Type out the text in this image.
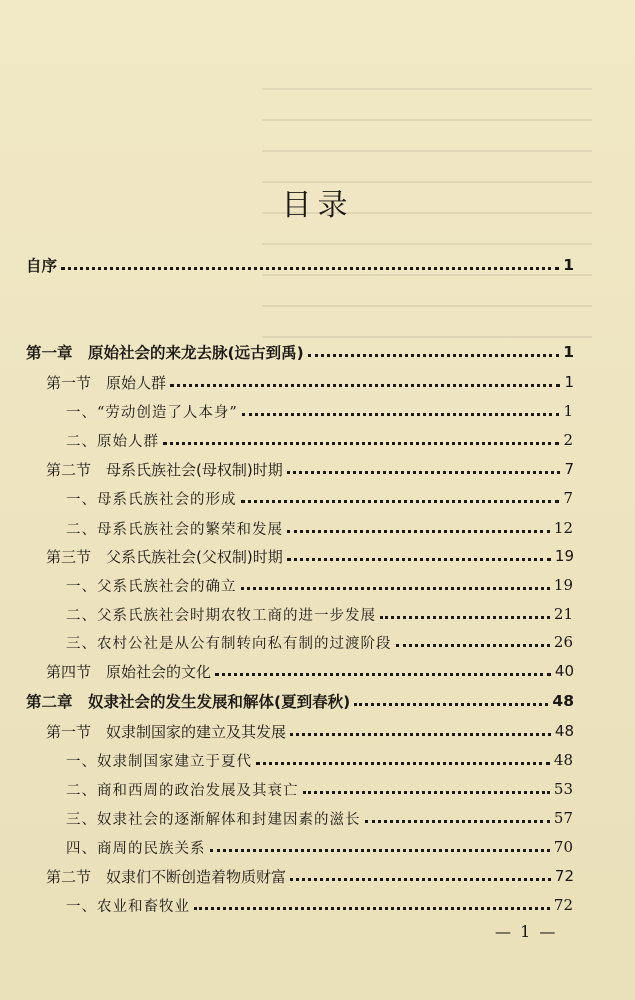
目录
自序	1
第一章　原始社会的来龙去脉(远古到禹)	1
第一节　原始人群	1
一、“劳动创造了人本身”	1
二、原始人群	2
第二节　母系氏族社会(母权制)时期	7
一、母系氏族社会的形成	7
二、母系氏族社会的繁荣和发展	12
第三节　父系氏族社会(父权制)时期	19
一、父系氏族社会的确立	19
二、父系氏族社会时期农牧工商的进一步发展	21
三、农村公社是从公有制转向私有制的过渡阶段	26
第四节　原始社会的文化	40
第二章　奴隶社会的发生发展和解体(夏到春秋)	48
第一节　奴隶制国家的建立及其发展	48
一、奴隶制国家建立于夏代	48
二、商和西周的政治发展及其衰亡	53
三、奴隶社会的逐渐解体和封建因素的滋长	57
四、商周的民族关系	70
第二节　奴隶们不断创造着物质财富	72
一、农业和畜牧业	72
— 1 —
